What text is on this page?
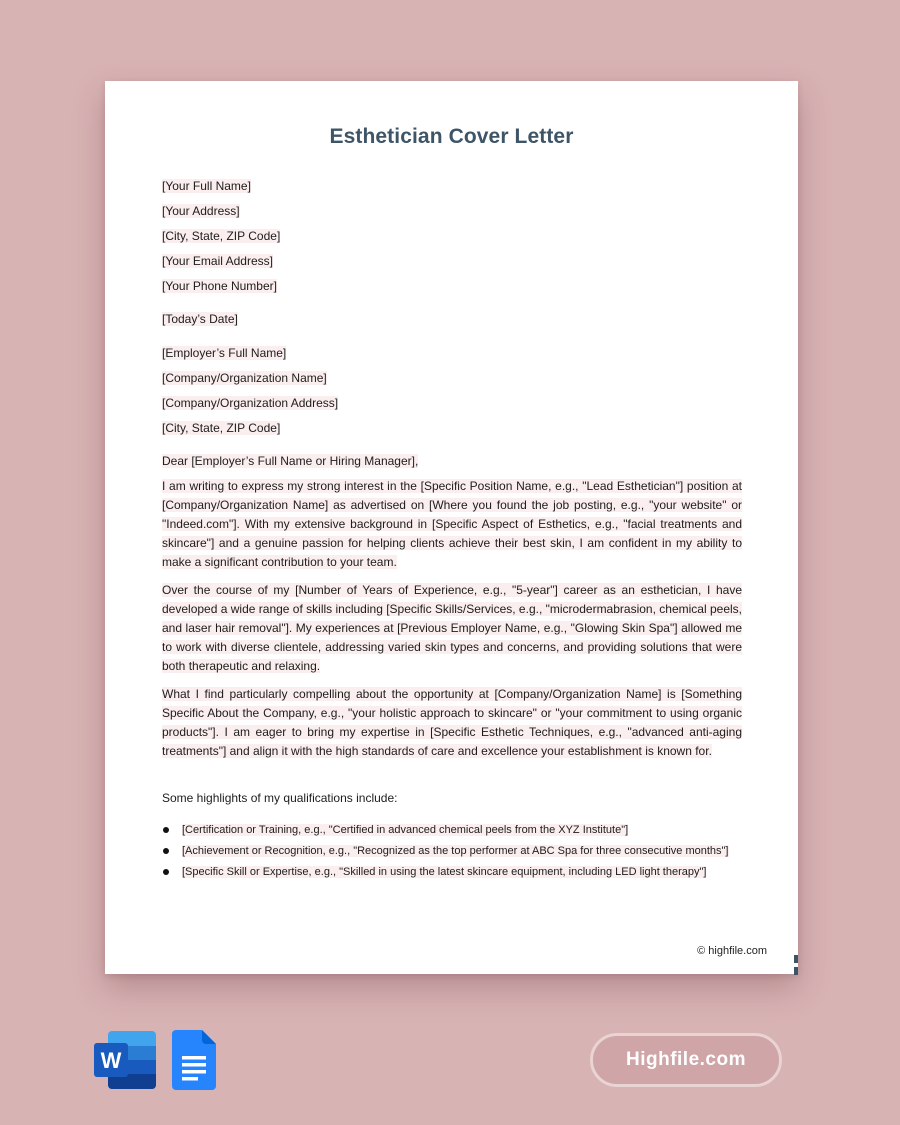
Esthetician Cover Letter
[Your Full Name]
[Your Address]
[City, State, ZIP Code]
[Your Email Address]
[Your Phone Number]
[Today’s Date]
[Employer’s Full Name]
[Company/Organization Name]
[Company/Organization Address]
[City, State, ZIP Code]
Dear [Employer’s Full Name or Hiring Manager],
I am writing to express my strong interest in the [Specific Position Name, e.g., "Lead Esthetician"] position at [Company/Organization Name] as advertised on [Where you found the job posting, e.g., "your website" or "Indeed.com"]. With my extensive background in [Specific Aspect of Esthetics, e.g., "facial treatments and skincare"] and a genuine passion for helping clients achieve their best skin, I am confident in my ability to make a significant contribution to your team.
Over the course of my [Number of Years of Experience, e.g., "5-year"] career as an esthetician, I have developed a wide range of skills including [Specific Skills/Services, e.g., "microdermabrasion, chemical peels, and laser hair removal"]. My experiences at [Previous Employer Name, e.g., "Glowing Skin Spa"] allowed me to work with diverse clientele, addressing varied skin types and concerns, and providing solutions that were both therapeutic and relaxing.
What I find particularly compelling about the opportunity at [Company/Organization Name] is [Something Specific About the Company, e.g., "your holistic approach to skincare" or "your commitment to using organic products"]. I am eager to bring my expertise in [Specific Esthetic Techniques, e.g., "advanced anti-aging treatments"] and align it with the high standards of care and excellence your establishment is known for.
Some highlights of my qualifications include:
[Certification or Training, e.g., "Certified in advanced chemical peels from the XYZ Institute"]
[Achievement or Recognition, e.g., "Recognized as the top performer at ABC Spa for three consecutive months"]
[Specific Skill or Expertise, e.g., "Skilled in using the latest skincare equipment, including LED light therapy"]
© highfile.com
W	Highfile.com
